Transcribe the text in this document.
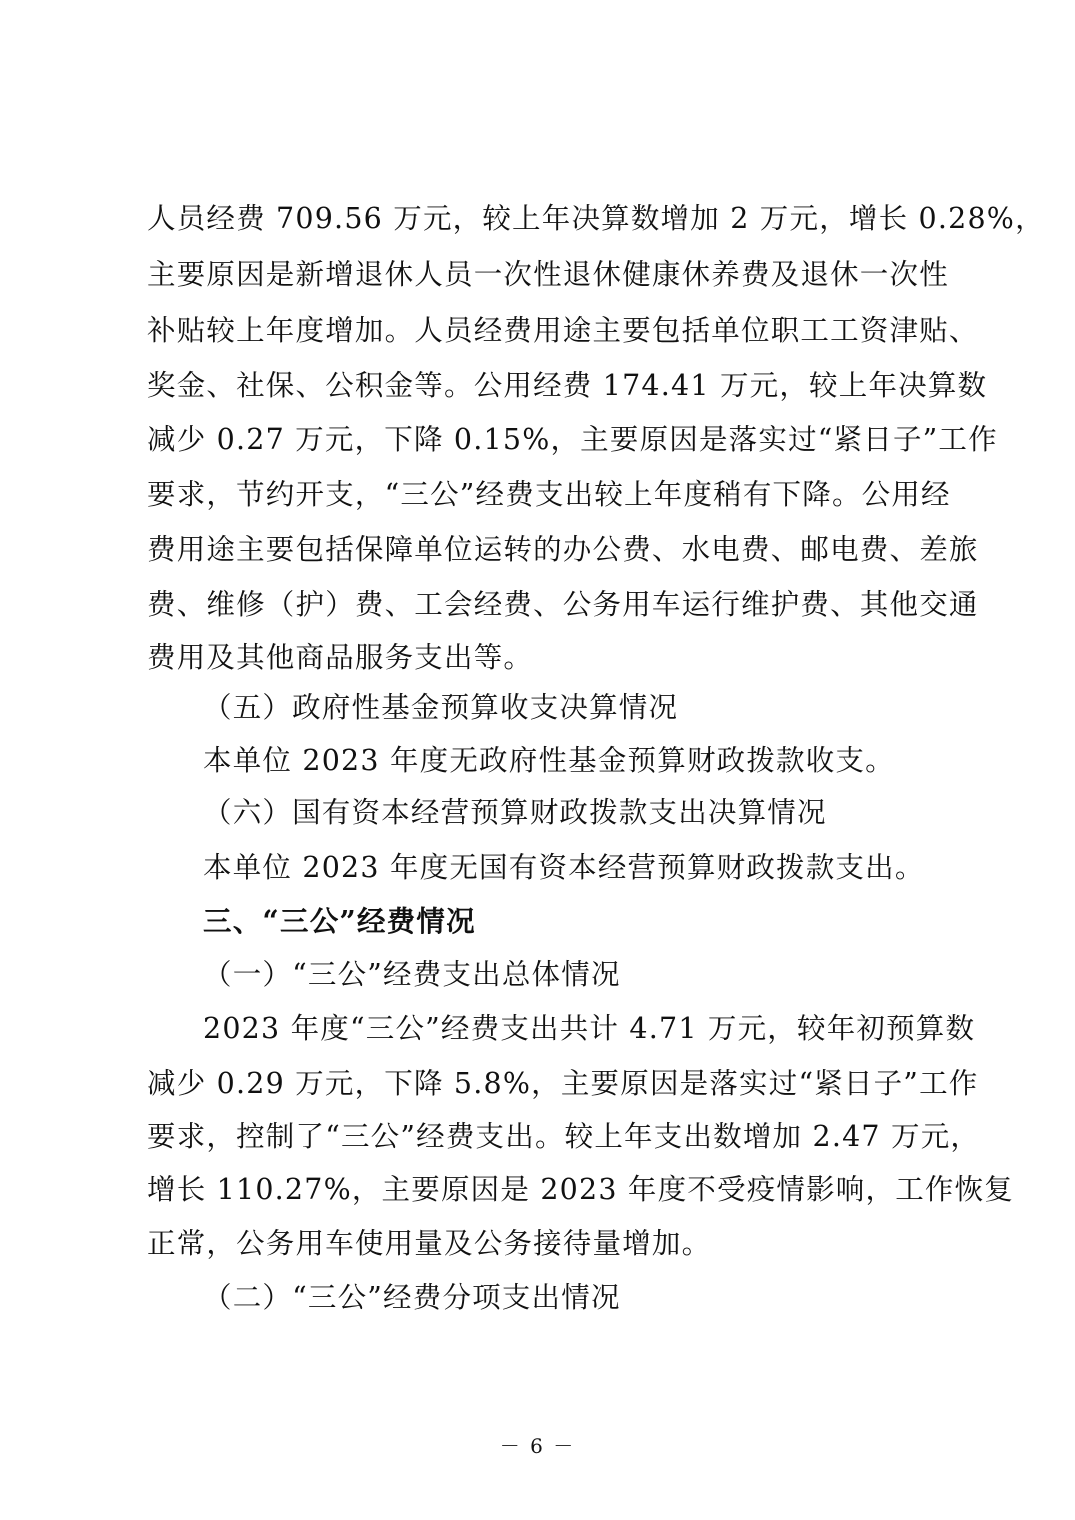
人员经费 709.56 万元，较上年决算数增加 2 万元，增长 0.28%，
主要原因是新增退休人员一次性退休健康休养费及退休一次性
补贴较上年度增加。人员经费用途主要包括单位职工工资津贴、
奖金、社保、公积金等。公用经费 174.41 万元，较上年决算数
减少 0.27 万元，下降 0.15%，主要原因是落实过“紧日子”工作
要求，节约开支，“三公”经费支出较上年度稍有下降。公用经
费用途主要包括保障单位运转的办公费、水电费、邮电费、差旅
费、维修（护）费、工会经费、公务用车运行维护费、其他交通
费用及其他商品服务支出等。
（五）政府性基金预算收支决算情况
本单位 2023 年度无政府性基金预算财政拨款收支。
（六）国有资本经营预算财政拨款支出决算情况
本单位 2023 年度无国有资本经营预算财政拨款支出。
三、“三公”经费情况
（一）“三公”经费支出总体情况
2023 年度“三公”经费支出共计 4.71 万元，较年初预算数
减少 0.29 万元，下降 5.8%，主要原因是落实过“紧日子”工作
要求，控制了“三公”经费支出。较上年支出数增加 2.47 万元，
增长 110.27%，主要原因是 2023 年度不受疫情影响，工作恢复
正常，公务用车使用量及公务接待量增加。
（二）“三公”经费分项支出情况
－ 6 －
